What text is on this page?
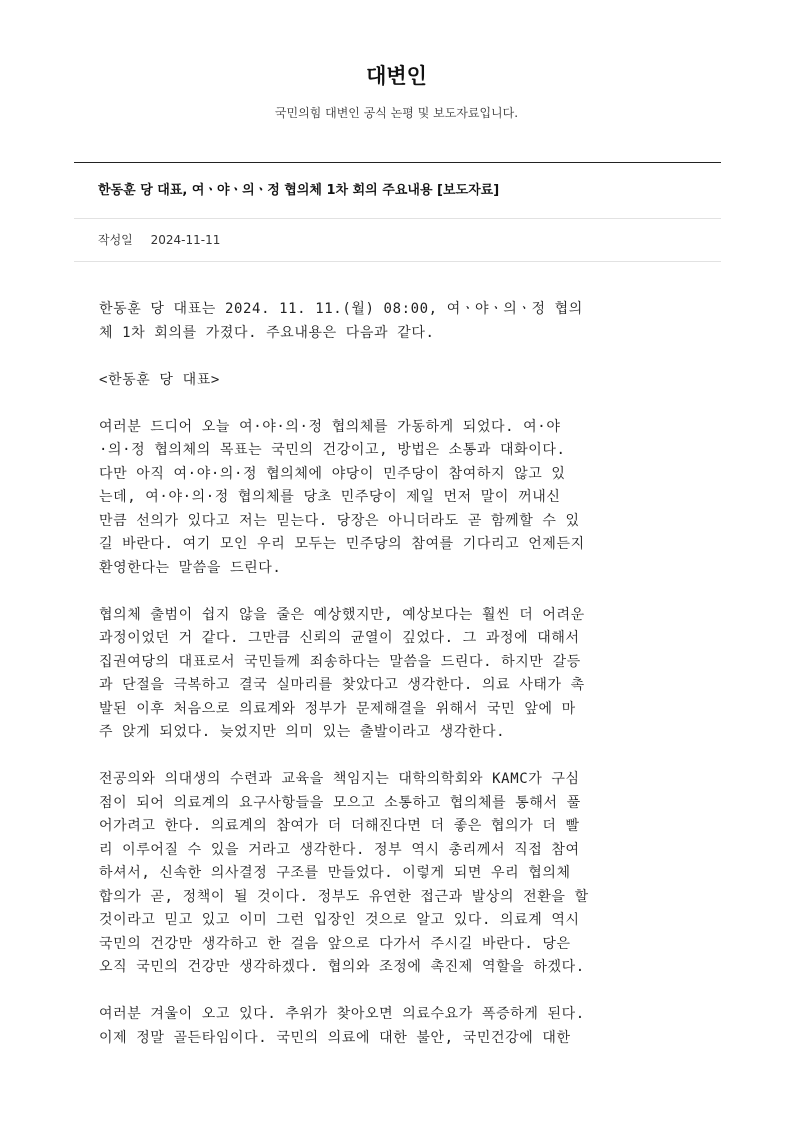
대변인
국민의힘 대변인 공식 논평 및 보도자료입니다.
한동훈 당 대표, 여ㆍ야ㆍ의ㆍ정 협의체 1차 회의 주요내용 [보도자료]
작성일 2024-11-11

한동훈 당 대표는 2024. 11. 11.(월) 08:00, 여ㆍ야ㆍ의ㆍ정 협의
체 1차 회의를 가졌다. 주요내용은 다음과 같다.

<한동훈 당 대표>

여러분 드디어 오늘 여·야·의·정 협의체를 가동하게 되었다. 여·야
·의·정 협의체의 목표는 국민의 건강이고, 방법은 소통과 대화이다.
다만 아직 여·야·의·정 협의체에 야당이 민주당이 참여하지 않고 있
는데, 여·야·의·정 협의체를 당초 민주당이 제일 먼저 말이 꺼내신
만큼 선의가 있다고 저는 믿는다. 당장은 아니더라도 곧 함께할 수 있
길 바란다. 여기 모인 우리 모두는 민주당의 참여를 기다리고 언제든지
환영한다는 말씀을 드린다.

협의체 출범이 쉽지 않을 줄은 예상했지만, 예상보다는 훨씬 더 어려운
과정이었던 거 같다. 그만큼 신뢰의 균열이 깊었다. 그 과정에 대해서
집권여당의 대표로서 국민들께 죄송하다는 말씀을 드린다. 하지만 갈등
과 단절을 극복하고 결국 실마리를 찾았다고 생각한다. 의료 사태가 촉
발된 이후 처음으로 의료계와 정부가 문제해결을 위해서 국민 앞에 마
주 앉게 되었다. 늦었지만 의미 있는 출발이라고 생각한다.

전공의와 의대생의 수련과 교육을 책임지는 대학의학회와 KAMC가 구심
점이 되어 의료계의 요구사항들을 모으고 소통하고 협의체를 통해서 풀
어가려고 한다. 의료계의 참여가 더 더해진다면 더 좋은 협의가 더 빨
리 이루어질 수 있을 거라고 생각한다. 정부 역시 총리께서 직접 참여
하셔서, 신속한 의사결정 구조를 만들었다. 이렇게 되면 우리 협의체
합의가 곧, 정책이 될 것이다. 정부도 유연한 접근과 발상의 전환을 할
것이라고 믿고 있고 이미 그런 입장인 것으로 알고 있다. 의료계 역시
국민의 건강만 생각하고 한 걸음 앞으로 다가서 주시길 바란다. 당은
오직 국민의 건강만 생각하겠다. 협의와 조정에 촉진제 역할을 하겠다.

여러분 겨울이 오고 있다. 추위가 찾아오면 의료수요가 폭증하게 된다.
이제 정말 골든타임이다. 국민의 의료에 대한 불안, 국민건강에 대한
